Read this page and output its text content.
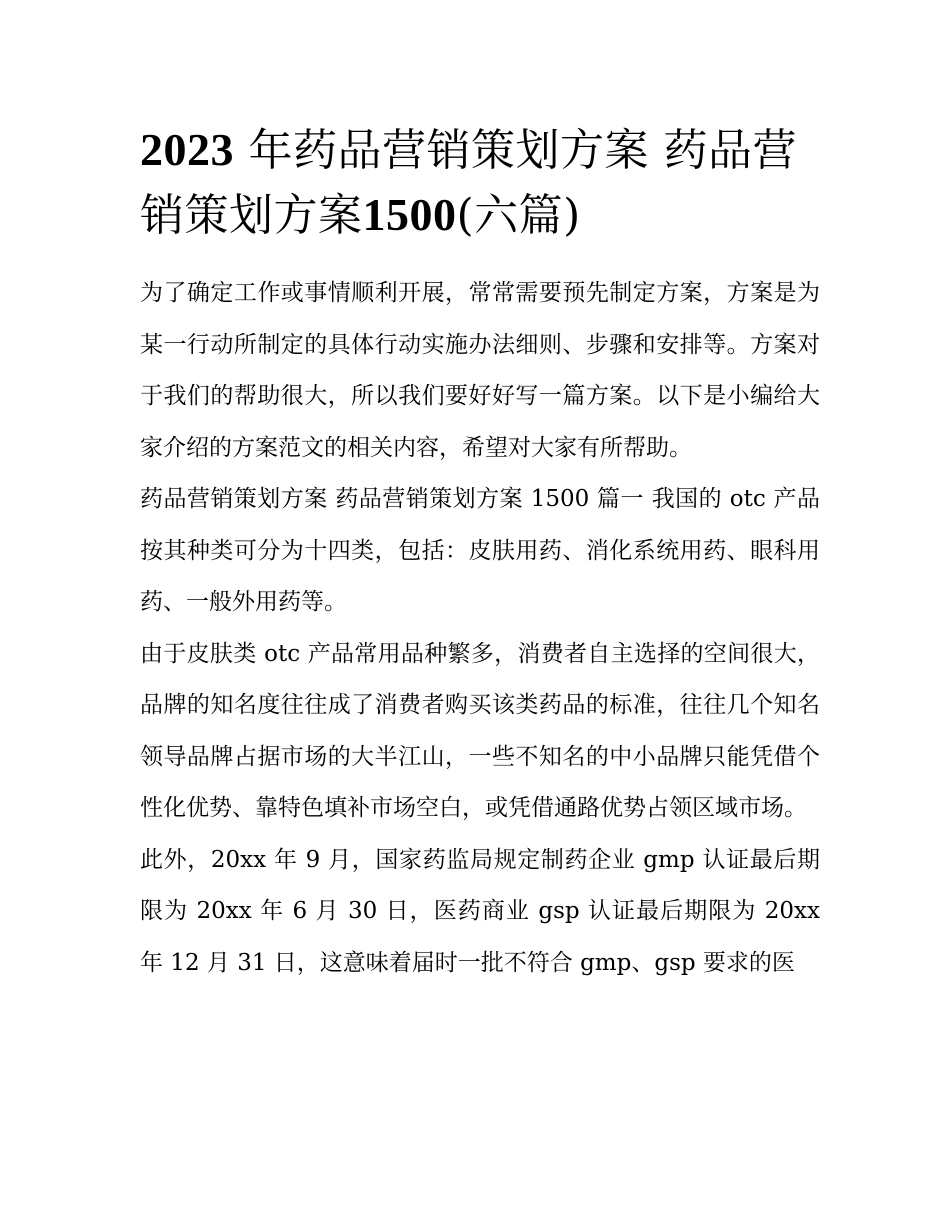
2023 年药品营销策划方案 药品营销策划方案1500(六篇)

为了确定工作或事情顺利开展，常常需要预先制定方案，方案是为某一行动所制定的具体行动实施办法细则、步骤和安排等。方案对于我们的帮助很大，所以我们要好好写一篇方案。以下是小编给大家介绍的方案范文的相关内容，希望对大家有所帮助。

药品营销策划方案 药品营销策划方案 1500 篇一 我国的 otc 产品按其种类可分为十四类，包括：皮肤用药、消化系统用药、眼科用药、一般外用药等。

由于皮肤类 otc 产品常用品种繁多，消费者自主选择的空间很大，品牌的知名度往往成了消费者购买该类药品的标准，往往几个知名领导品牌占据市场的大半江山，一些不知名的中小品牌只能凭借个性化优势、靠特色填补市场空白，或凭借通路优势占领区域市场。

此外，20xx 年 9 月，国家药监局规定制药企业 gmp 认证最后期限为 20xx 年 6 月 30 日，医药商业 gsp 认证最后期限为 20xx 年 12 月 31 日，这意味着届时一批不符合 gmp、gsp 要求的医
